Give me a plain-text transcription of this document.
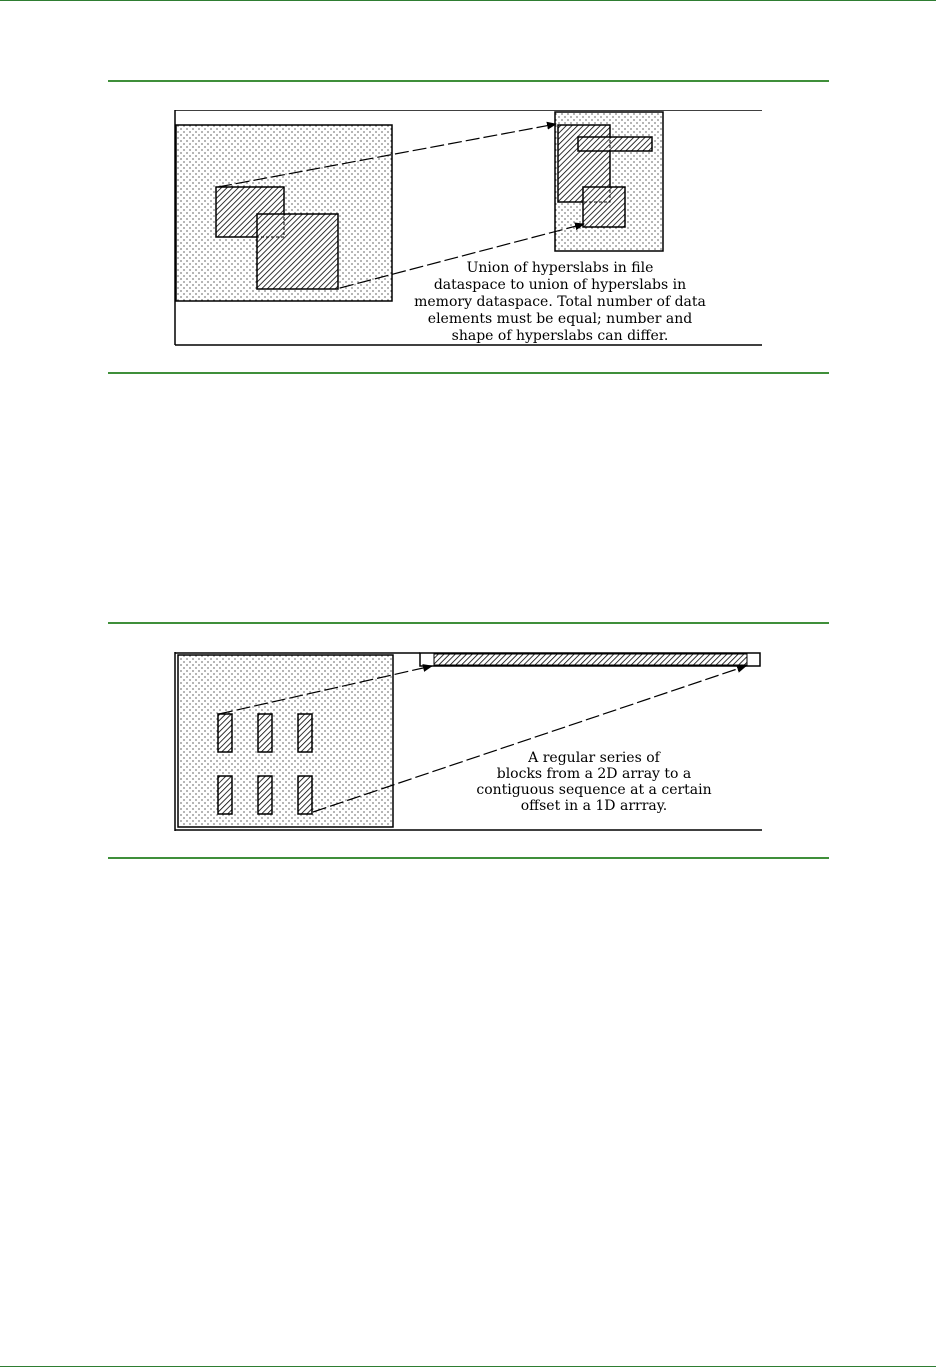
Union of hyperslabs in file
dataspace to union of hyperslabs in
memory dataspace. Total number of data
elements must be equal; number and
shape of hyperslabs can differ.
A regular series of
blocks from a 2D array to a
contiguous sequence at a certain
offset in a 1D arrray.
